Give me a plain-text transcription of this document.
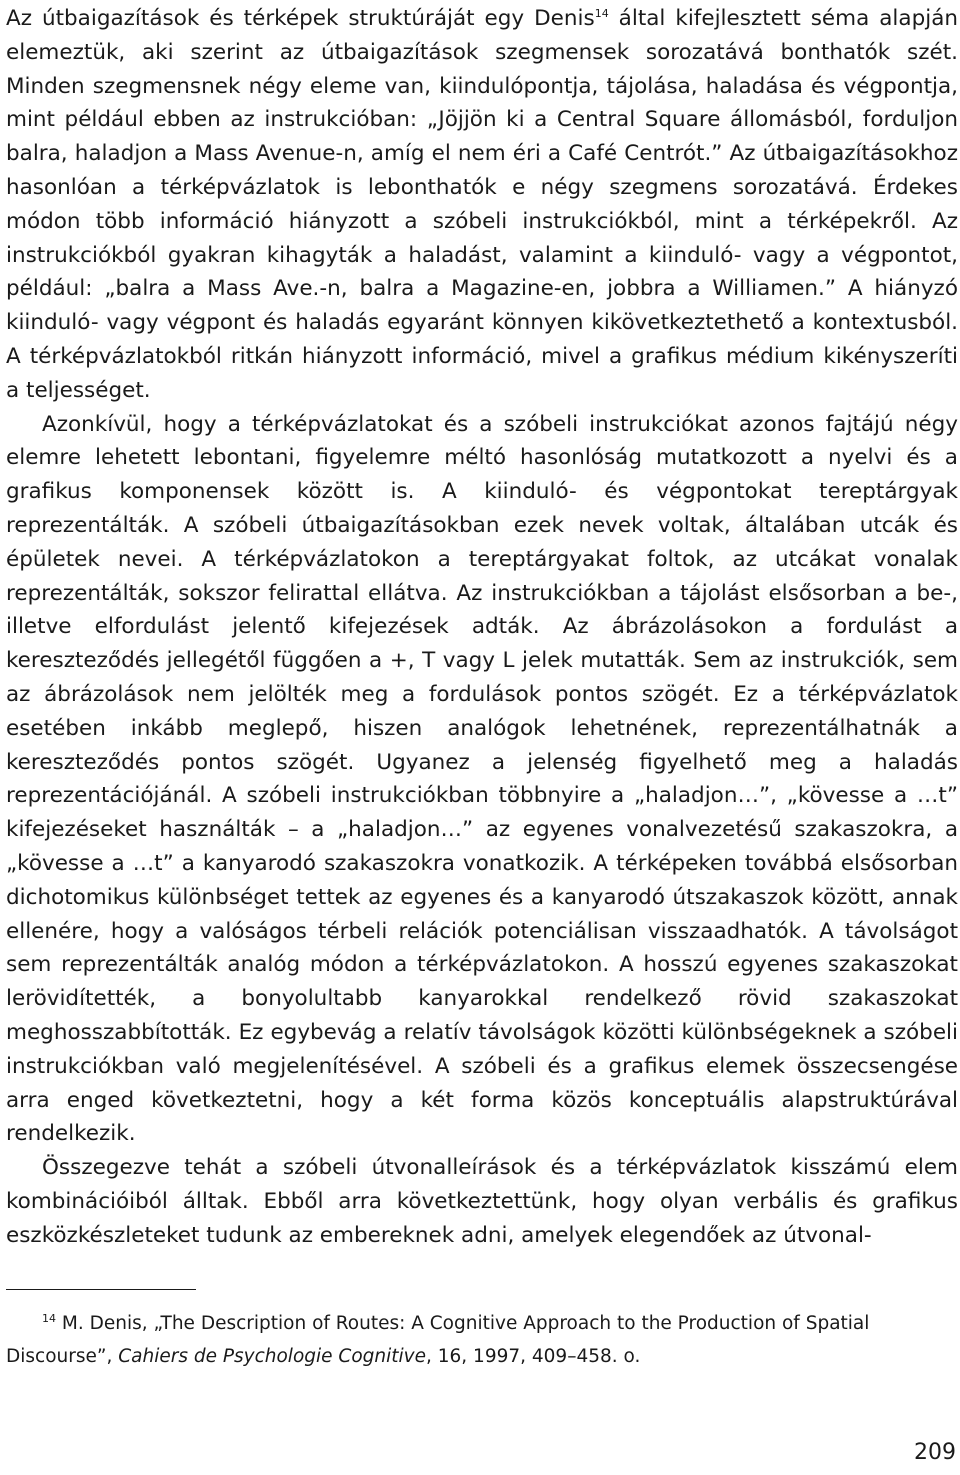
Az útbaigazítások és térképek struktúráját egy Denis$^{14}$ által kifejlesztett séma alapján elemeztük, aki szerint az útbaigazítások szegmensek sorozatává bonthatók szét. Minden szegmensnek négy eleme van, kiindulópontja, tájolása, haladása és végpontja, mint például ebben az instrukcióban: „Jöjjön ki a Central Square állomásból, forduljon balra, haladjon a Mass Avenue-n, amíg el nem éri a Café Centrót.” Az útbaigazításokhoz hasonlóan a térképvázlatok is lebonthatók e négy szegmens sorozatává. Érdekes módon több információ hiányzott a szóbeli instrukciókból, mint a térképekről. Az instrukciókból gyakran kihagyták a haladást, valamint a kiinduló- vagy a végpontot, például: „balra a Mass Ave.-n, balra a Magazine-en, jobbra a Williamen.” A hiányzó kiinduló- vagy végpont és haladás egyaránt könnyen kikövetkeztethető a kontextusból. A térképvázlatokból ritkán hiányzott információ, mivel a grafikus médium kikényszeríti a teljességet.

Azonkívül, hogy a térképvázlatokat és a szóbeli instrukciókat azonos fajtájú négy elemre lehetett lebontani, figyelemre méltó hasonlóság mutatkozott a nyelvi és a grafikus komponensek között is. A kiinduló- és végpontokat tereptárgyak reprezentálták. A szóbeli útbaigazításokban ezek nevek voltak, általában utcák és épületek nevei. A térképvázlatokon a tereptárgyakat foltok, az utcákat vonalak reprezentálták, sokszor felirattal ellátva. Az instrukciókban a tájolást elsősorban a be-, illetve elfordulást jelentő kifejezések adták. Az ábrázolásokon a fordulást a kereszteződés jellegétől függően a +, T vagy L jelek mutatták. Sem az instrukciók, sem az ábrázolások nem jelölték meg a fordulások pontos szögét. Ez a térképvázlatok esetében inkább meglepő, hiszen analógok lehetnének, reprezentálhatnák a kereszteződés pontos szögét. Ugyanez a jelenség figyelhető meg a haladás reprezentációjánál. A szóbeli instrukciókban többnyire a „haladjon…”, „kövesse a …t” kifejezéseket használták – a „haladjon…” az egyenes vonalvezetésű szakaszokra, a „kövesse a …t” a kanyarodó szakaszokra vonatkozik. A térképeken továbbá elsősorban dichotomikus különbséget tettek az egyenes és a kanyarodó útszakaszok között, annak ellenére, hogy a valóságos térbeli relációk potenciálisan visszaadhatók. A távolságot sem reprezentálták analóg módon a térképvázlatokon. A hosszú egyenes szakaszokat lerövidítették, a bonyolultabb kanyarokkal rendelkező rövid szakaszokat meghosszabbították. Ez egybevág a relatív távolságok közötti különbségeknek a szóbeli instrukciókban való megjelenítésével. A szóbeli és a grafikus elemek összecsengése arra enged következtetni, hogy a két forma közös konceptuális alapstruktúrával rendelkezik.

Összegezve tehát a szóbeli útvonalleírások és a térképvázlatok kisszámú elem kombinációiból álltak. Ebből arra következtettünk, hogy olyan verbális és grafikus eszközkészleteket tudunk az embereknek adni, amelyek elegendőek az útvonal-

$^{14}$ M. Denis, „The Description of Routes: A Cognitive Approach to the Production of Spatial Discourse”, Cahiers de Psychologie Cognitive, 16, 1997, 409–458. o.
209
